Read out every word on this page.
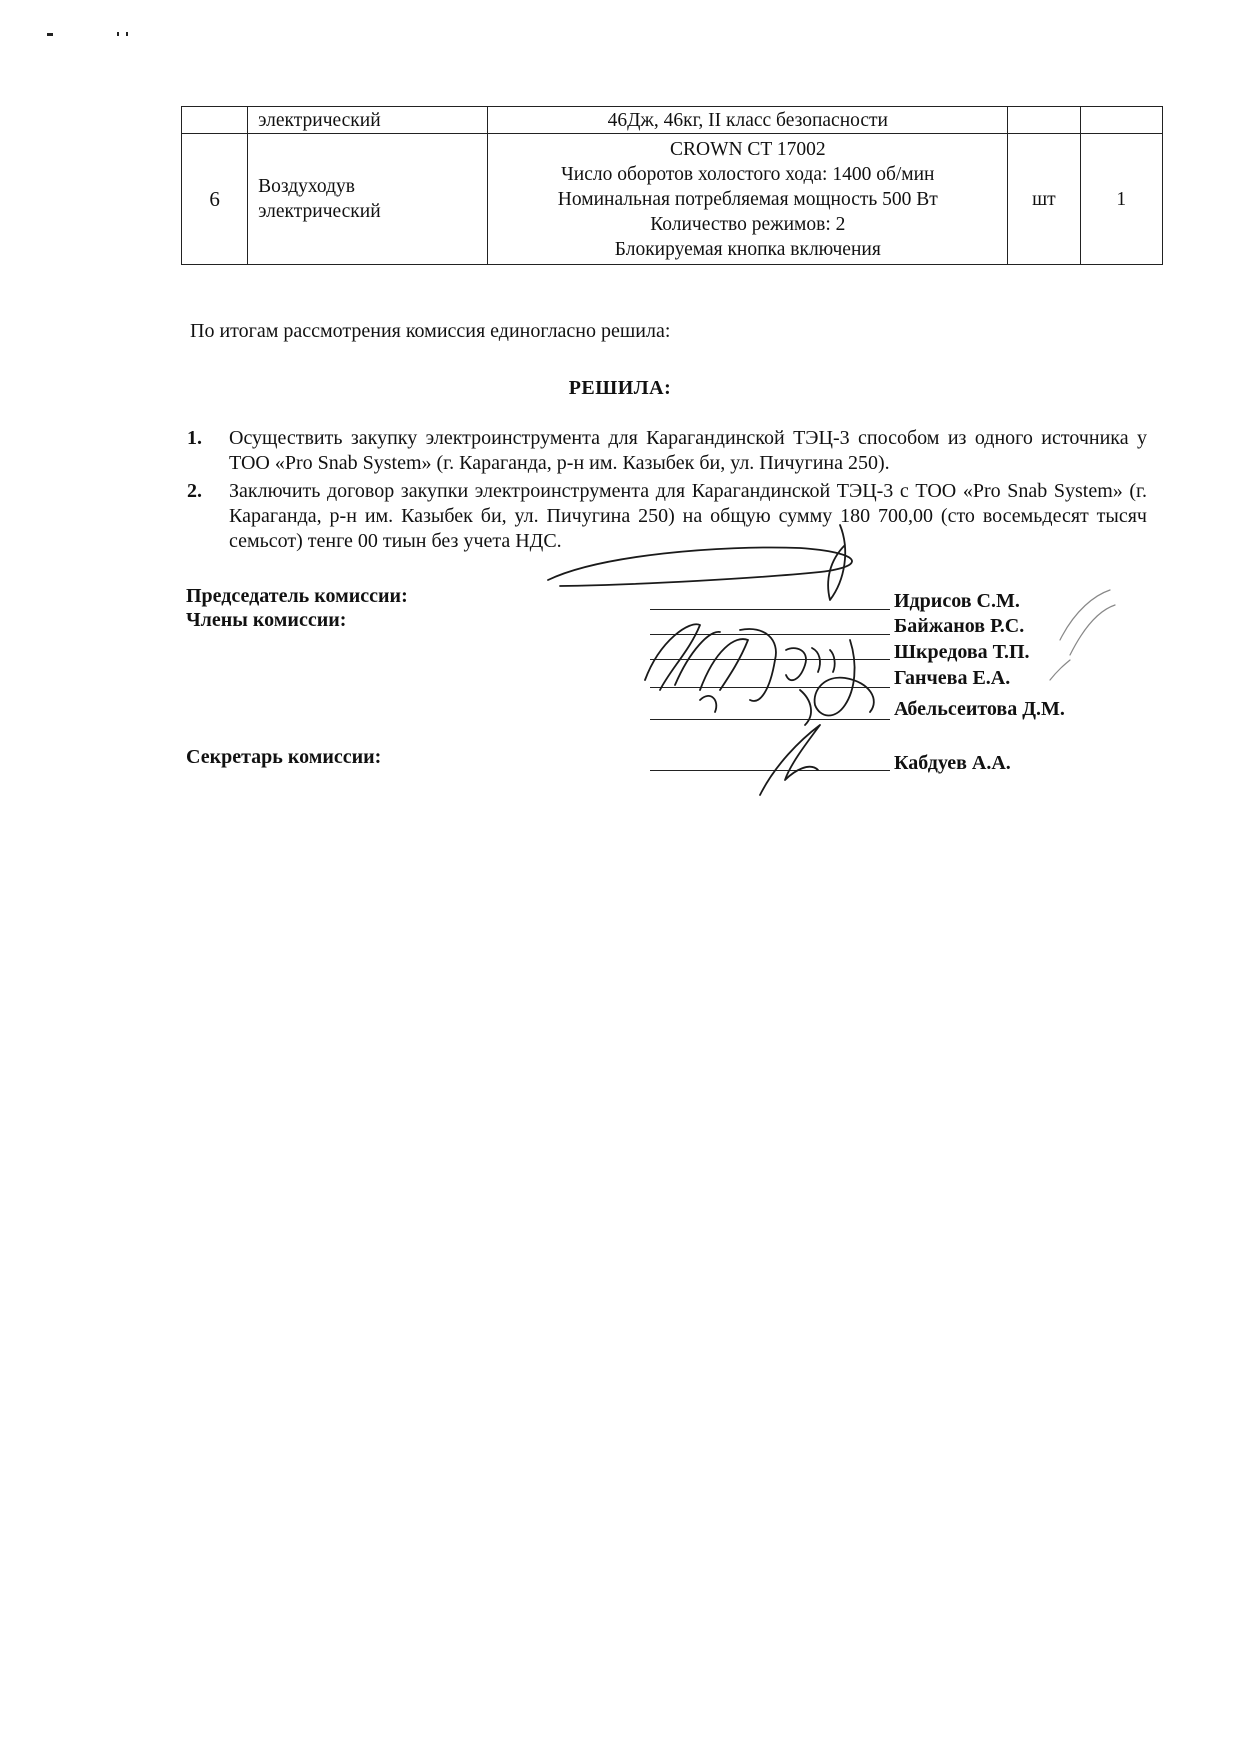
	электрический	46Дж, 46кг, II класс безопасности		

6	Воздуходув электрический	CROWN CT 17002
Число оборотов холостого хода: 1400 об/мин
Номинальная потребляемая мощность 500 Вт
Количество режимов: 2
Блокируемая кнопка включения	шт	1
По итогам рассмотрения комиссия единогласно решила:
РЕШИЛА:
1. Осуществить закупку электроинструмента для Карагандинской ТЭЦ-3 способом из одного источника у ТОО «Pro Snab System» (г. Караганда, р-н им. Казыбек би, ул. Пичугина 250).
2. Заключить договор закупки электроинструмента для Карагандинской ТЭЦ-3 с ТОО «Pro Snab System» (г. Караганда, р-н им. Казыбек би, ул. Пичугина 250) на общую сумму 180 700,00 (сто восемьдесят тысяч семьсот) тенге 00 тиын без учета НДС.
Председатель комиссии:
Члены комиссии:
Секретарь комиссии:
Идрисов С.М.
Байжанов Р.С.
Шкредова Т.П.
Ганчева Е.А.
Абельсеитова Д.М.
Кабдуев А.А.
